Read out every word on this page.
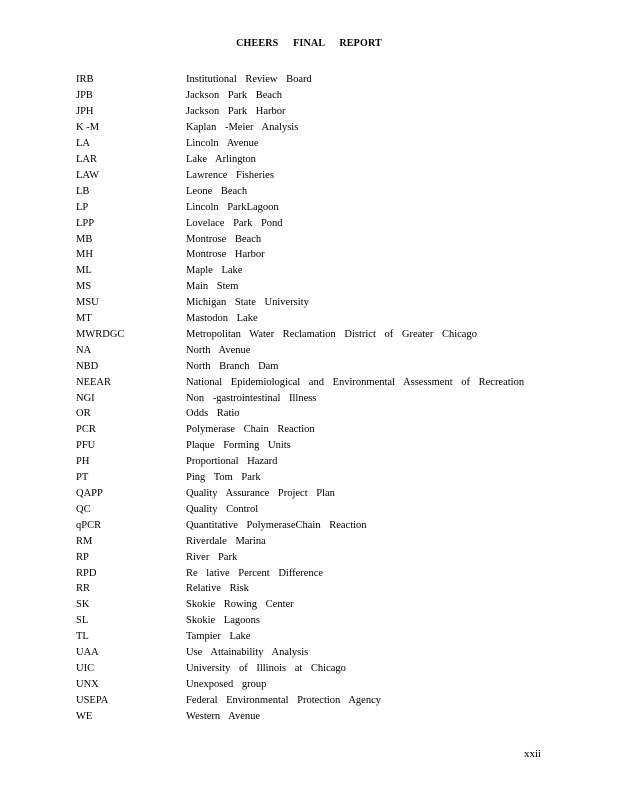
CHEERS FINAL REPORT
IRB	Institutional Review Board
JPB	Jackson Park Beach
JPH	Jackson Park Harbor
K -M	Kaplan -Meier Analysis
LA	Lincoln Avenue
LAR	Lake Arlington
LAW	Lawrence Fisheries
LB	Leone Beach
LP	Lincoln ParkLagoon
LPP	Lovelace Park Pond
MB	Montrose Beach
MH	Montrose Harbor
ML	Maple Lake
MS	Main Stem
MSU	Michigan State University
MT	Mastodon Lake
MWRDGC	Metropolitan Water Reclamation District of Greater Chicago
NA	North Avenue
NBD	North Branch Dam
NEEAR	National Epidemiological and Environmental Assessment of Recreation
NGI	Non -gastrointestinal Illness
OR	Odds Ratio
PCR	Polymerase Chain Reaction
PFU	Plaque Forming Units
PH	Proportional Hazard
PT	Ping Tom Park
QAPP	Quality Assurance Project Plan
QC	Quality Control
qPCR	Quantitative PolymeraseChain Reaction
RM	Riverdale Marina
RP	River Park
RPD	Re lative Percent Difference
RR	Relative Risk
SK	Skokie Rowing Center
SL	Skokie Lagoons
TL	Tampier Lake
UAA	Use Attainability Analysis
UIC	University of Illinois at Chicago
UNX	Unexposed group
USEPA	Federal Environmental Protection Agency
WE	Western Avenue
xxii
